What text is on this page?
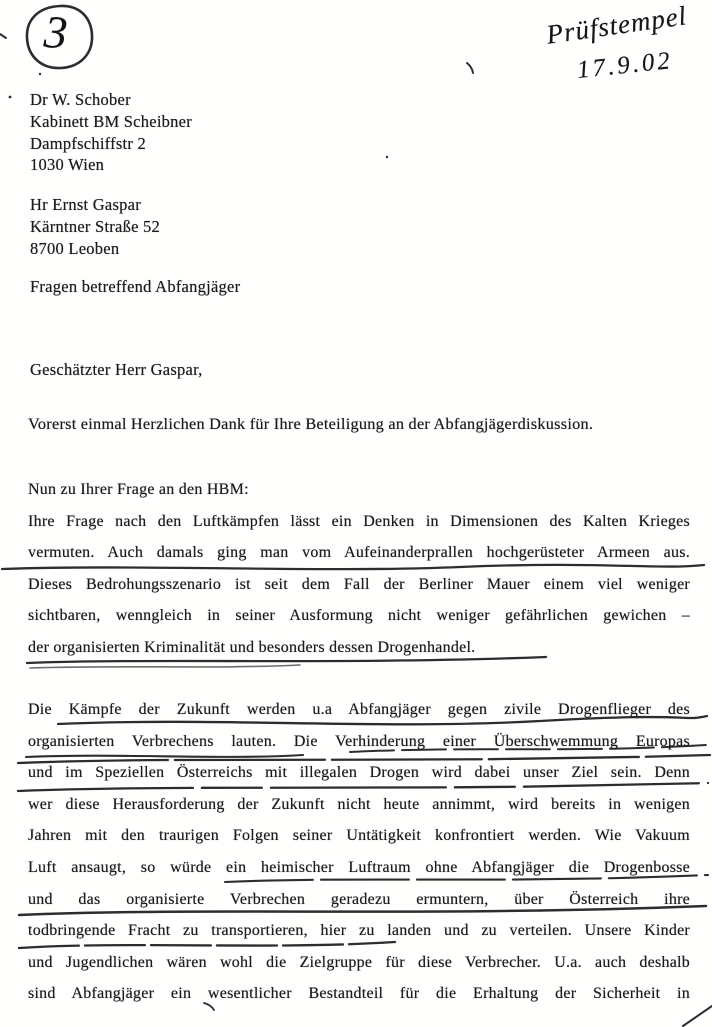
3	Prüfstempel
17.9.02
Dr W. Schober
Kabinett BM Scheibner
Dampfschiffstr 2
1030 Wien
Hr Ernst Gaspar
Kärntner Straße 52
8700 Leoben
Fragen betreffend Abfangjäger
Geschätzter Herr Gaspar,
Vorerst einmal Herzlichen Dank für Ihre Beteiligung an der Abfangjägerdiskussion.
Nun zu Ihrer Frage an den HBM:
Ihre Frage nach den Luftkämpfen lässt ein Denken in Dimensionen des Kalten Krieges
vermuten. Auch damals ging man vom Aufeinanderprallen hochgerüsteter Armeen aus.
Dieses Bedrohungsszenario ist seit dem Fall der Berliner Mauer einem viel weniger
sichtbaren, wenngleich in seiner Ausformung nicht weniger gefährlichen gewichen –
der organisierten Kriminalität und besonders dessen Drogenhandel.
Die Kämpfe der Zukunft werden u.a Abfangjäger gegen zivile Drogenflieger des
organisierten Verbrechens lauten. Die Verhinderung einer Überschwemmung Europas
und im Speziellen Österreichs mit illegalen Drogen wird dabei unser Ziel sein. Denn
wer diese Herausforderung der Zukunft nicht heute annimmt, wird bereits in wenigen
Jahren mit den traurigen Folgen seiner Untätigkeit konfrontiert werden. Wie Vakuum
Luft ansaugt, so würde ein heimischer Luftraum ohne Abfangjäger die Drogenbosse
und das organisierte Verbrechen geradezu ermuntern, über Österreich ihre
todbringende Fracht zu transportieren, hier zu landen und zu verteilen. Unsere Kinder
und Jugendlichen wären wohl die Zielgruppe für diese Verbrecher. U.a. auch deshalb
sind Abfangjäger ein wesentlicher Bestandteil für die Erhaltung der Sicherheit in
